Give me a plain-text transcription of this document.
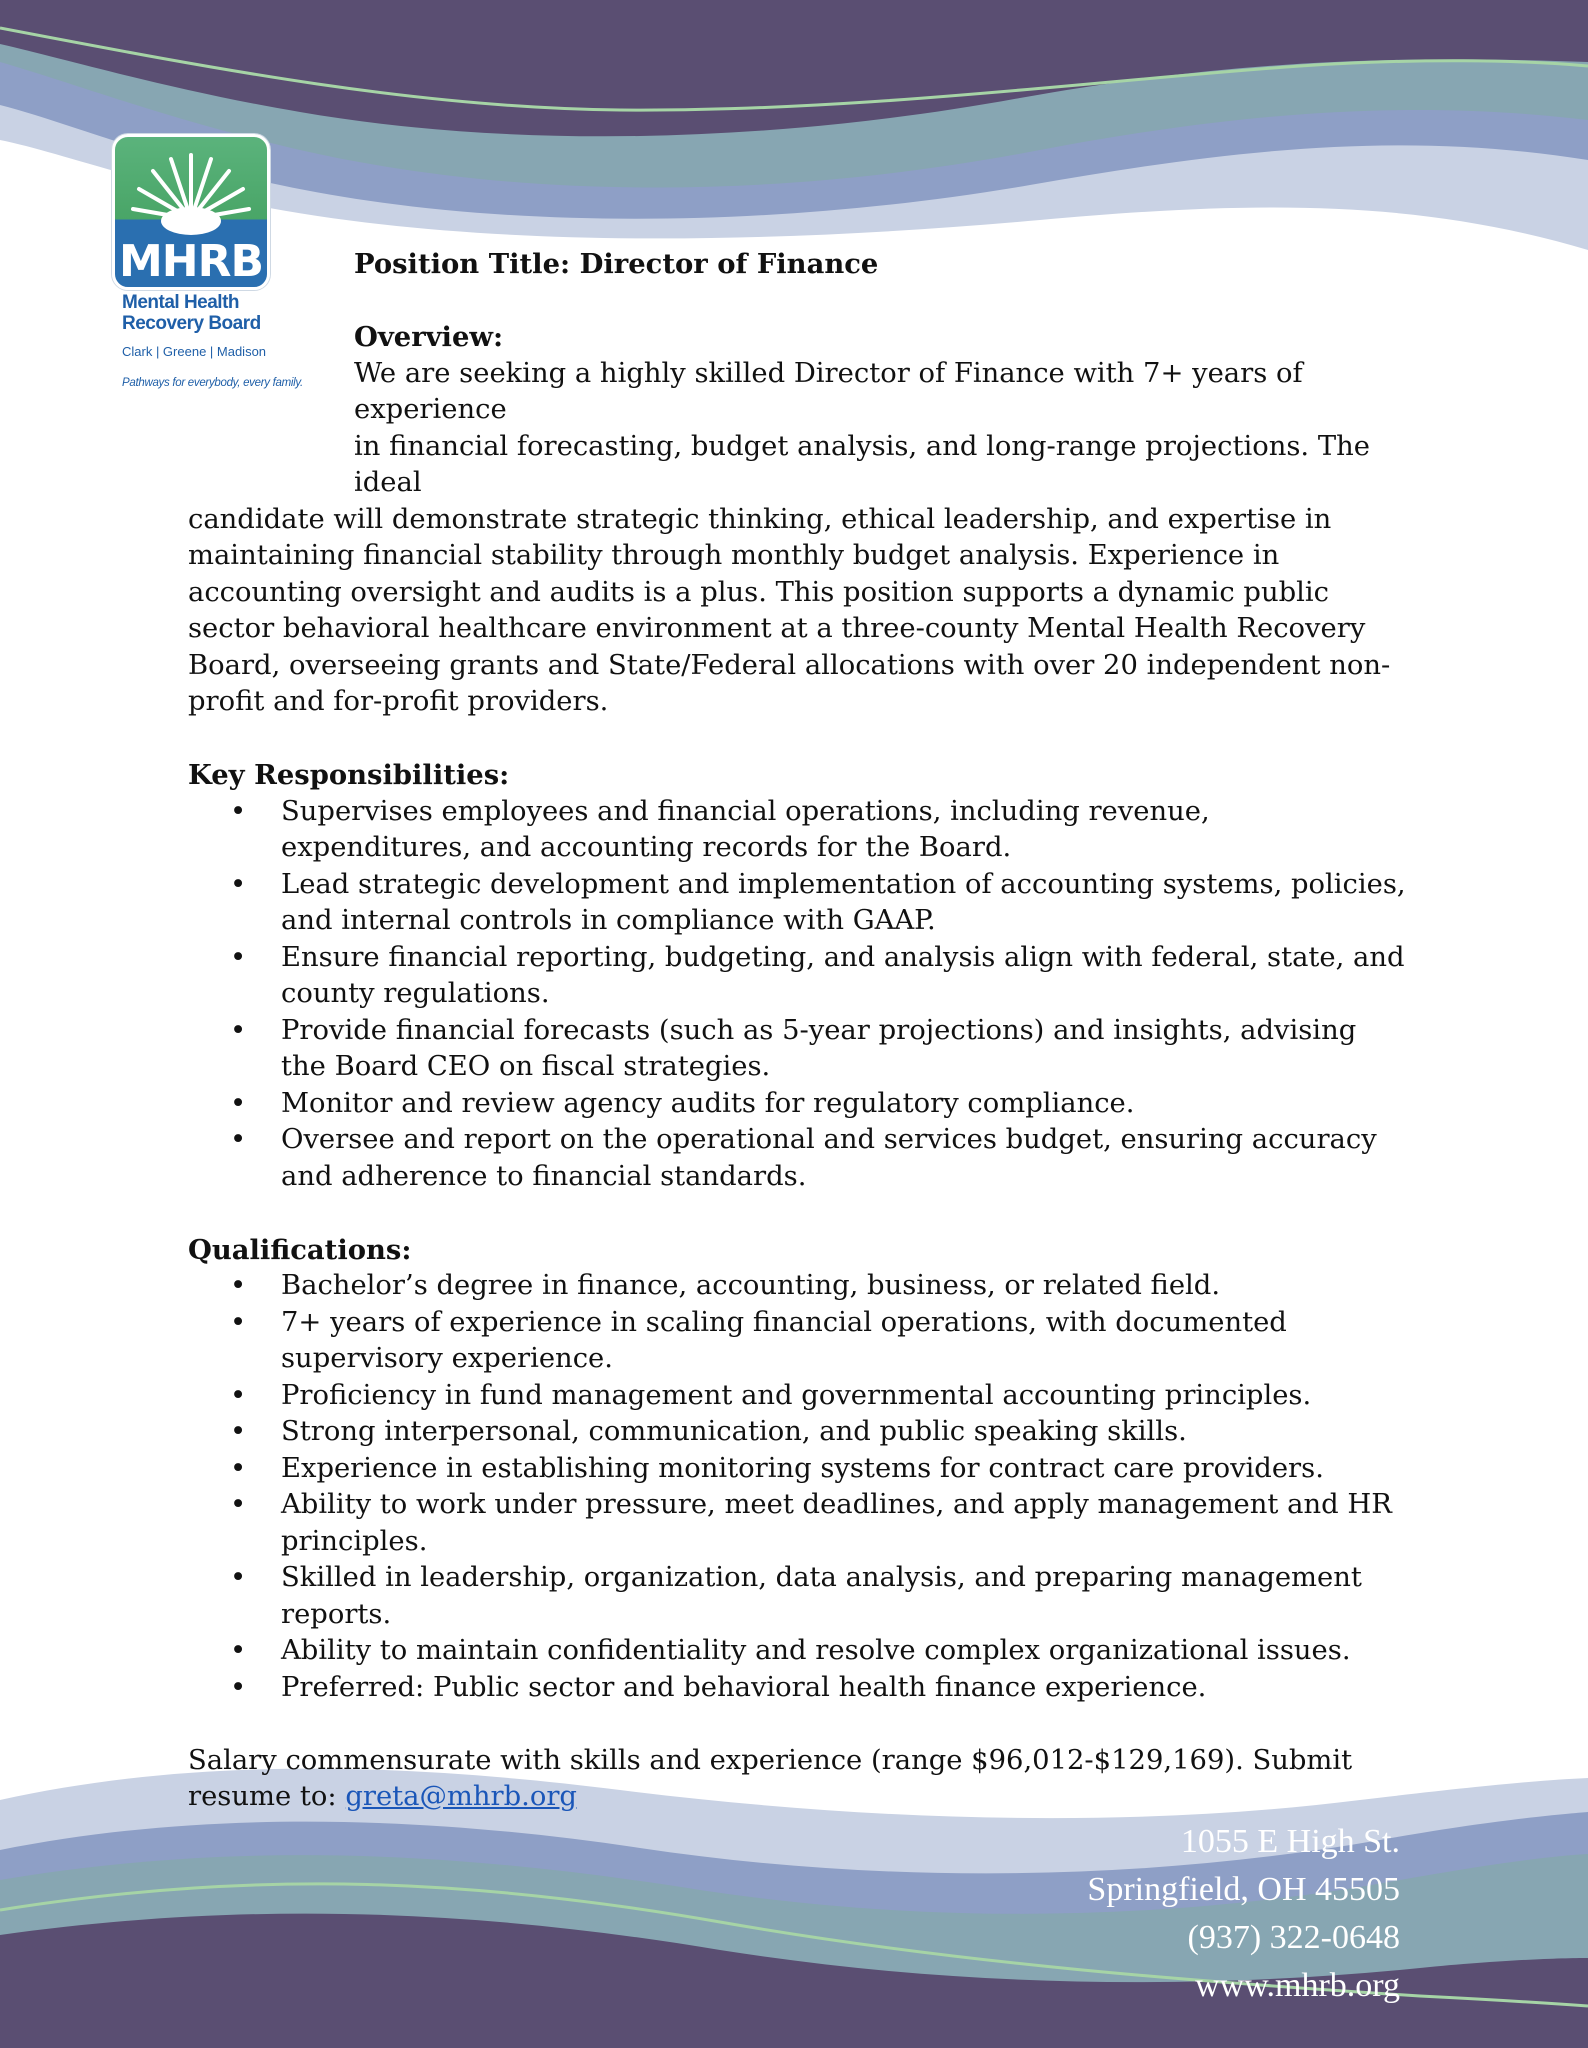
MHRB
Mental Health
Recovery Board
Clark | Greene | Madison
Pathways for everybody, every family.

Position Title: Director of Finance

Overview:

We are seeking a highly skilled Director of Finance with 7+ years of experience
in financial forecasting, budget analysis, and long-range projections. The ideal

candidate will demonstrate strategic thinking, ethical leadership, and expertise in maintaining financial stability through monthly budget analysis. Experience in accounting oversight and audits is a plus. This position supports a dynamic public sector behavioral healthcare environment at a three-county Mental Health Recovery Board, overseeing grants and State/Federal allocations with over 20 independent non-profit and for-profit providers.

Key Responsibilities:

• Supervises employees and financial operations, including revenue, expenditures, and accounting records for the Board.
• Lead strategic development and implementation of accounting systems, policies, and internal controls in compliance with GAAP.
• Ensure financial reporting, budgeting, and analysis align with federal, state, and county regulations.
• Provide financial forecasts (such as 5-year projections) and insights, advising the Board CEO on fiscal strategies.
• Monitor and review agency audits for regulatory compliance.
• Oversee and report on the operational and services budget, ensuring accuracy and adherence to financial standards.

Qualifications:

• Bachelor’s degree in finance, accounting, business, or related field.
• 7+ years of experience in scaling financial operations, with documented supervisory experience.
• Proficiency in fund management and governmental accounting principles.
• Strong interpersonal, communication, and public speaking skills.
• Experience in establishing monitoring systems for contract care providers.
• Ability to work under pressure, meet deadlines, and apply management and HR principles.
• Skilled in leadership, organization, data analysis, and preparing management reports.
• Ability to maintain confidentiality and resolve complex organizational issues.
• Preferred: Public sector and behavioral health finance experience.

Salary commensurate with skills and experience (range $96,012-$129,169). Submit resume to: greta@mhrb.org

1055 E High St.
Springfield, OH 45505
(937) 322-0648
www.mhrb.org
